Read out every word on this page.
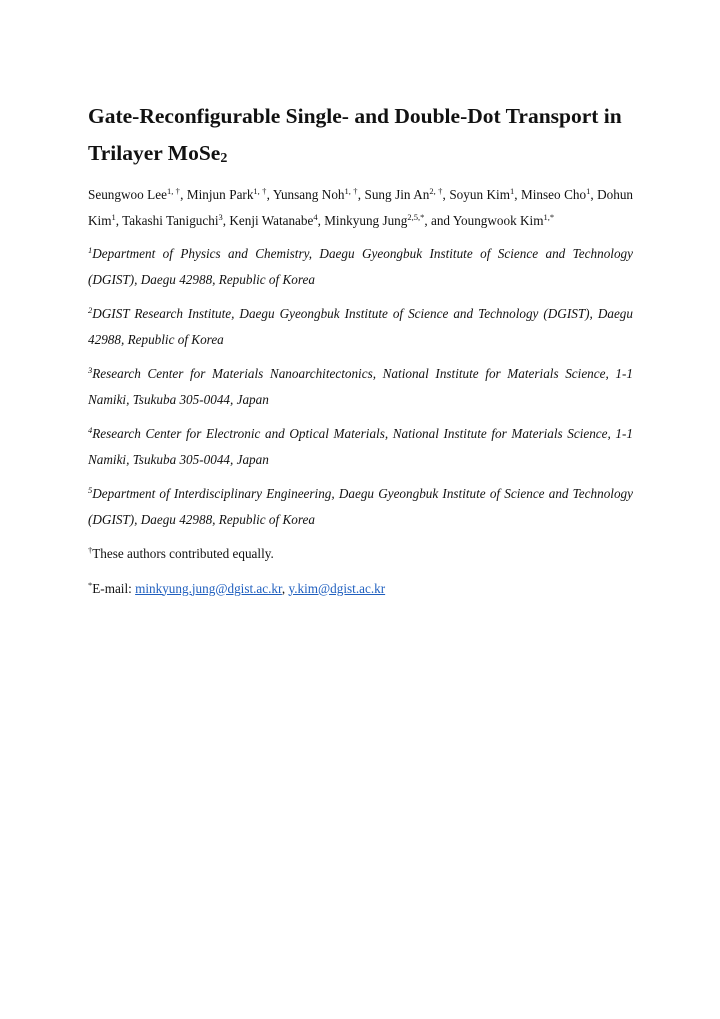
Gate-Reconfigurable Single- and Double-Dot Transport in Trilayer MoSe$_2$

Seungwoo Lee$^{1, \dagger}$, Minjun Park$^{1, \dagger}$, Yunsang Noh$^{1, \dagger}$, Sung Jin $An^{2, \dagger}$, Soyun Kim$^1$, Minseo Cho$^1$, Dohun Kim$^1$, Takashi Taniguchi$^3$, Kenji Watanabe$^4$, Minkyung Jung$^{2,5,*}$, and Youngwook Kim$^{1,*}$

$^1$Department of Physics and Chemistry, Daegu Gyeongbuk Institute of Science and Technology (DGIST), Daegu 42988, Republic of Korea

$^2$DGIST Research Institute, Daegu Gyeongbuk Institute of Science and Technology (DGIST), Daegu 42988, Republic of Korea

$^3$Research Center for Materials Nanoarchitectonics, National Institute for Materials Science, 1-1 Namiki, Tsukuba 305-0044, Japan

$^4$Research Center for Electronic and Optical Materials, National Institute for Materials Science, 1-1 Namiki, Tsukuba 305-0044, Japan

$^5$Department of Interdisciplinary Engineering, Daegu Gyeongbuk Institute of Science and Technology (DGIST), Daegu 42988, Republic of Korea

†These authors contributed equally.

*E-mail: minkyung.jung@dgist.ac.kr, y.kim@dgist.ac.kr
